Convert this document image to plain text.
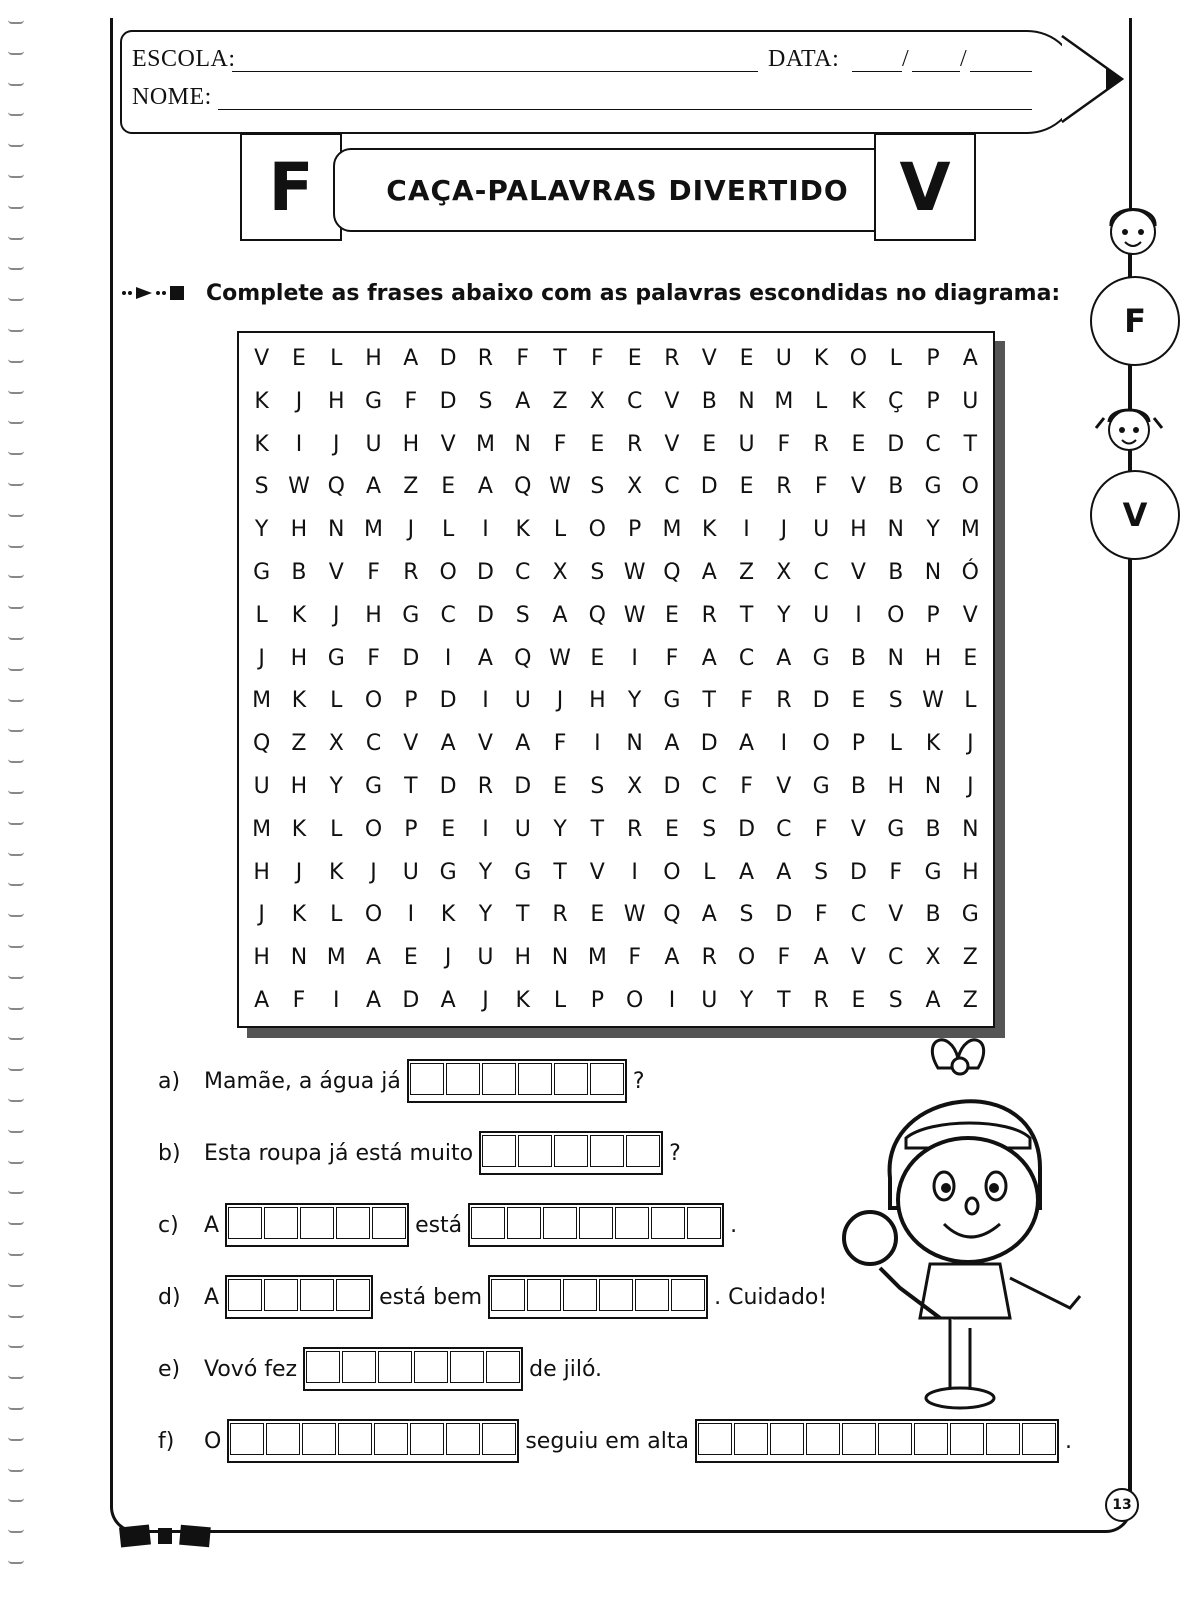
ESCOLA:	DATA:	/ /
NOME:
F	CAÇA-PALAVRAS DIVERTIDO V
Complete as frases abaixo com as palavras escondidas no diagrama:
F
V
V	E	L	H A D R	F	T	F	E	R	V	E	U	K O	L	P	A
K	J	H G	F	D S	A	Z	X	C	V	B N M L	K	Ç	P	U
K	I	J	U H V M N	F	E	R	V	E	U	F	R	E D C	T
S W Q A	Z	E	A Q W S	X	C D E	R	F	V	B G O
Y	H N M	J	L	I	K	L	O	P M K	I	J	U H N	Y M
G B	V	F	R O D C	X	S W Q A	Z	X	C	V	B N Ó
L	K	J	H G C D S	A Q W E	R	T	Y	U	I	O P	V
J	H G	F	D	I	A Q W E	I	F	A	C	A G B N H	E
M K	L	O P	D	I	U	J	H	Y	G	T	F	R D E	S W L
Q Z	X	C	V	A	V	A	F	I	N A D A	I	O	P	L	K	J
U H	Y	G	T	D R D E	S	X D C	F	V G B H N	J
M K	L	O P	E	I	U	Y	T	R	E	S D C	F	V G B N
H	J	K	J	U G	Y	G	T	V	I	O	L	A	A	S D	F	G H
J	K	L	O	I	K	Y	T	R	E W Q A	S D	F	C	V	B G
H N M A	E	J	U H N M F	A	R O	F	A	V	C	X	Z
A	F	I	A D A	J	K	L	P	O	I	U	Y	T	R	E	S	A	Z
a)	Mamãe, a água já	?
b)	Esta roupa já está muito	?
c)	A	está	.
d)	A	está bem	. Cuidado!
e)	Vovó fez	de jiló.
f)	O	seguiu em alta	.
13
